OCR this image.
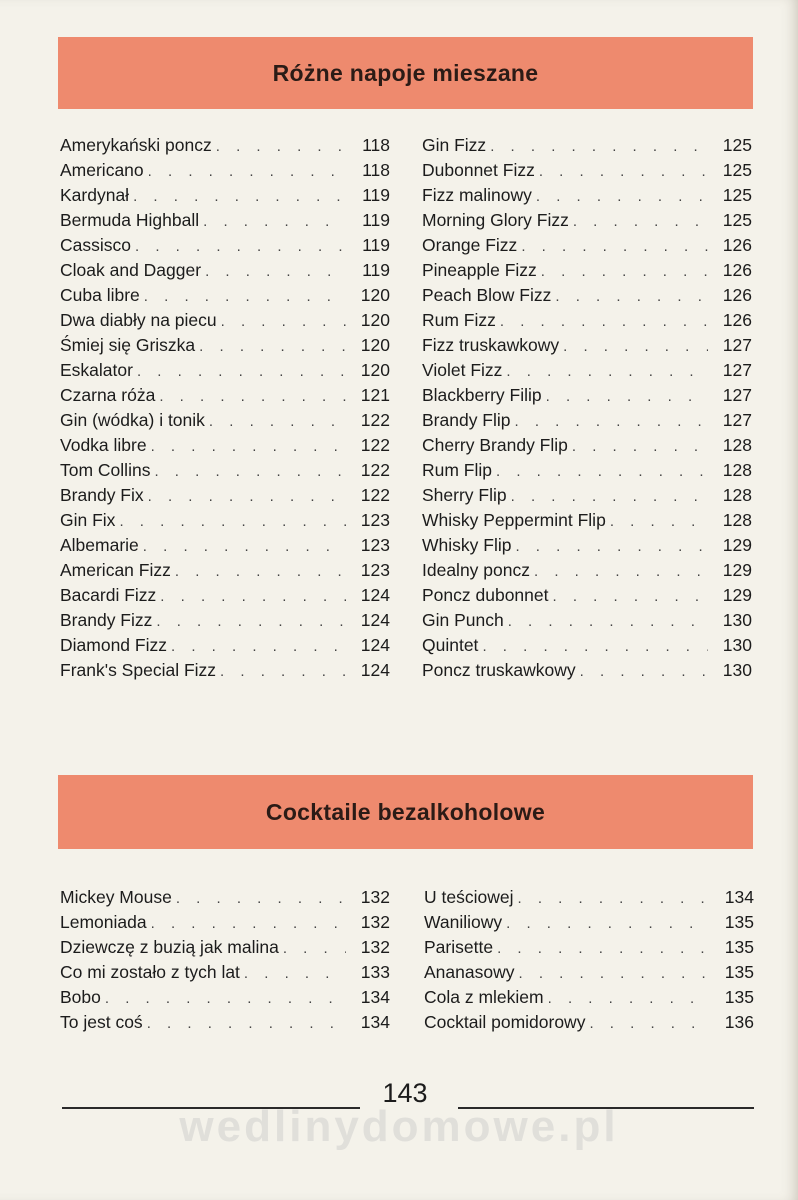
Różne napoje mieszane
Amerykański poncz . . .	118
Americano . . .	118
Kardynał . . .	119
Bermuda Highball . . .	119
Cassisco . . .	119
Cloak and Dagger . . .	119
Cuba libre . . .	120
Dwa diabły na piecu . . .	120
Śmiej się Griszka . . .	120
Eskalator . . .	120
Czarna róża . . .	121
Gin (wódka) i tonik . . .	122
Vodka libre . . .	122
Tom Collins . . .	122
Brandy Fix . . .	122
Gin Fix . . .	123
Albemarie . . .	123
American Fizz . . .	123
Bacardi Fizz . . .	124
Brandy Fizz . . .	124
Diamond Fizz . . .	124
Frank's Special Fizz . . .	124
Gin Fizz . . .	125
Dubonnet Fizz . . .	125
Fizz malinowy . . .	125
Morning Glory Fizz . . .	125
Orange Fizz . . .	126
Pineapple Fizz . . .	126
Peach Blow Fizz . . .	126
Rum Fizz . . .	126
Fizz truskawkowy . . .	127
Violet Fizz . . .	127
Blackberry Filip . . .	127
Brandy Flip . . .	127
Cherry Brandy Flip . . .	128
Rum Flip . . .	128
Sherry Flip . . .	128
Whisky Peppermint Flip . . .	128
Whisky Flip . . .	129
Idealny poncz . . .	129
Poncz dubonnet . . .	129
Gin Punch . . .	130
Quintet . . .	130
Poncz truskawkowy . . .	130
Cocktaile bezalkoholowe
Mickey Mouse . . .	132
Lemoniada . . .	132
Dziewczę z buzią jak malina . . .	132
Co mi zostało z tych lat . . .	133
Bobo . . .	134
To jest coś . . .	134
U teściowej . . .	134
Waniliowy . . .	135
Parisette . . .	135
Ananasowy . . .	135
Cola z mlekiem . . .	135
Cocktail pomidorowy . . .	136
143
wedlinydomowe.pl
